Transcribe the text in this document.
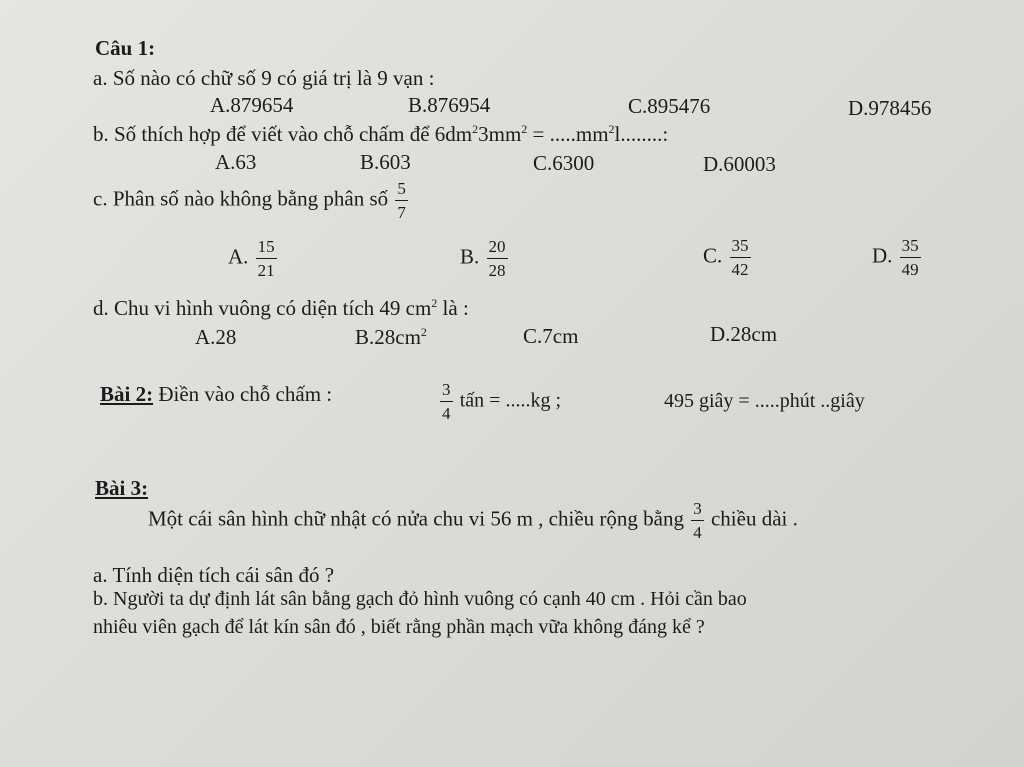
Câu 1:
a. Số nào có chữ số 9 có giá trị là 9 vạn :
A.879654	B.876954	C.895476	D.978456
b. Số thích hợp để viết vào chỗ chấm để $6dm^23mm^2 = .....mm^2l$........:
A.63	B.603	C.6300	D.60003
c. Phân số nào không bằng phân số $\frac{5}{7}$
A. $\frac{15}{21}$	B. $\frac{20}{28}$	C. $\frac{35}{42}$	D. $\frac{35}{49}$
d. Chu vi hình vuông có diện tích 49 $cm^2$ là :
A.28	$B.28cm^2$	C.7cm	D.28cm
Bài 2: Điền vào chỗ chấm :	$\frac{3}{4}$ tấn = .....kg ;	495 giây = .....phút ..giây
Bài 3:
Một cái sân hình chữ nhật có nửa chu vi 56 m , chiều rộng bằng $\frac{3}{4}$ chiều dài .
a. Tính diện tích cái sân đó ?
b. Người ta dự định lát sân bằng gạch đỏ hình vuông có cạnh 40 cm . Hỏi cần bao
nhiêu viên gạch để lát kín sân đó , biết rằng phần mạch vữa không đáng kể ?
